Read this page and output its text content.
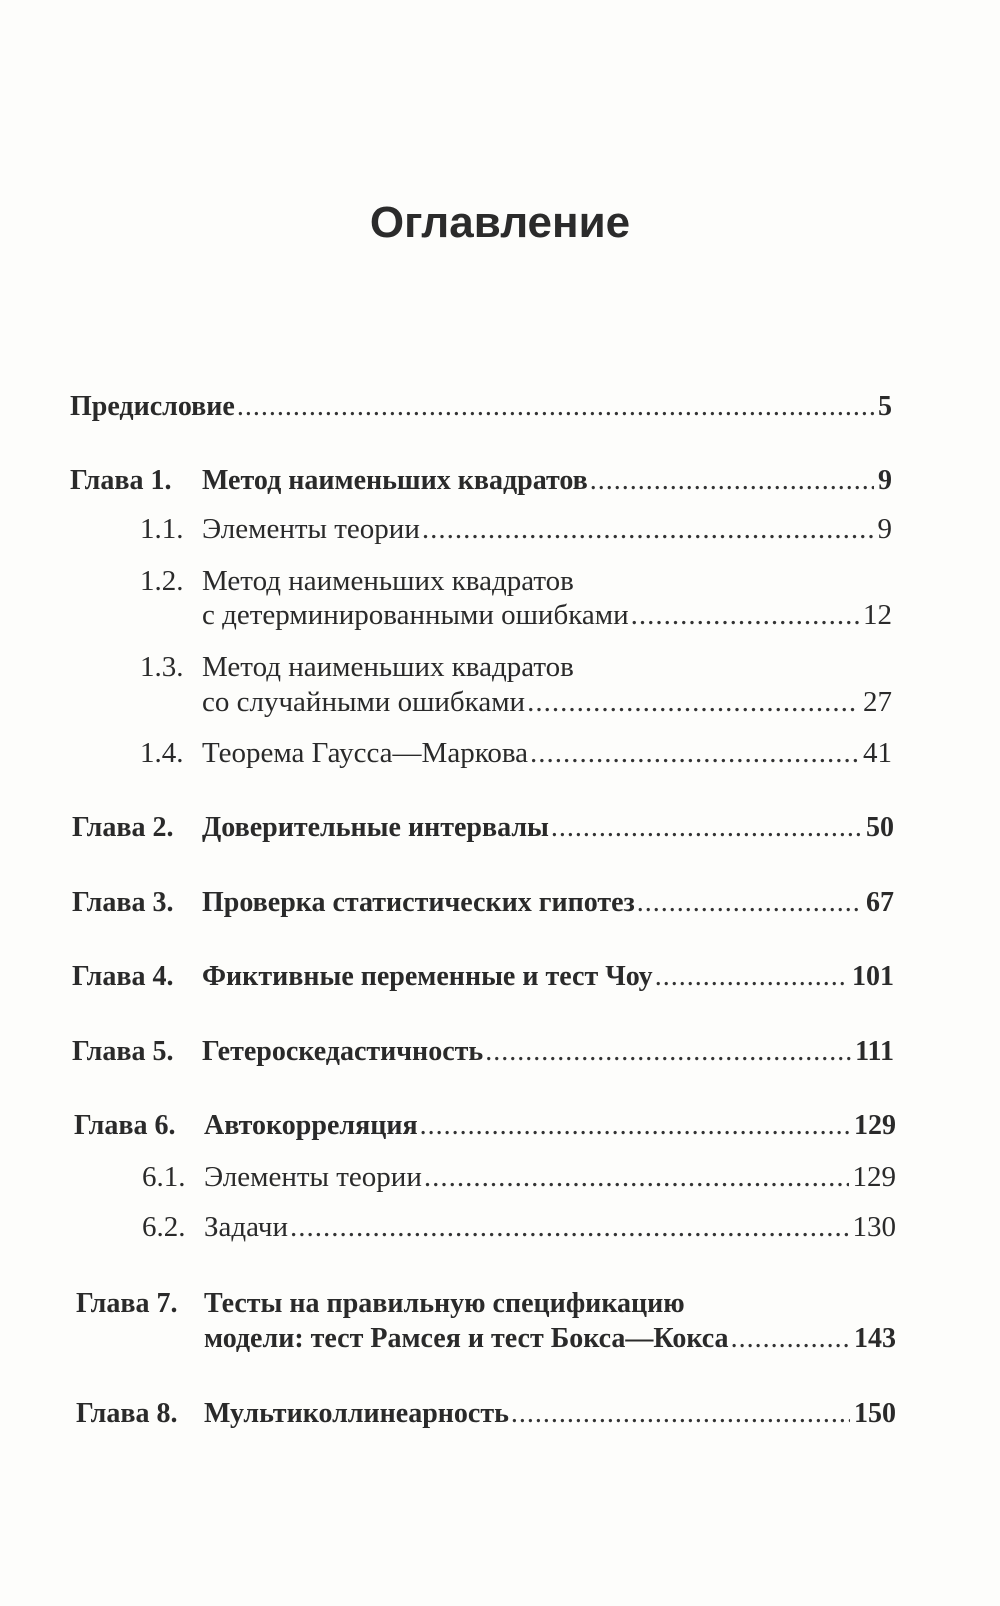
Оглавление
Предисловие .....	5
Глава 1.	Метод наименьших квадратов .....	9
1.1. Элементы теории .....	9
1.2. Метод наименьших квадратов
с детерминированными ошибками .....	12
1.3. Метод наименьших квадратов
со случайными ошибками .....	27
1.4. Теорема Гаусса—Маркова .....	41
Глава 2.	Доверительные интервалы .....	50
Глава 3.	Проверка статистических гипотез .....	67
Глава 4.	Фиктивные переменные и тест Чоу .....	101
Глава 5.	Гетероскедастичность .....	111
Глава 6.	Автокорреляция .....	129
6.1. Элементы теории .....	129
6.2. Задачи .....	130
Глава 7. Тесты на правильную спецификацию
модели: тест Рамсея и тест Бокса—Кокса .....	143
Глава 8. Мультиколлинеарность .....	150
